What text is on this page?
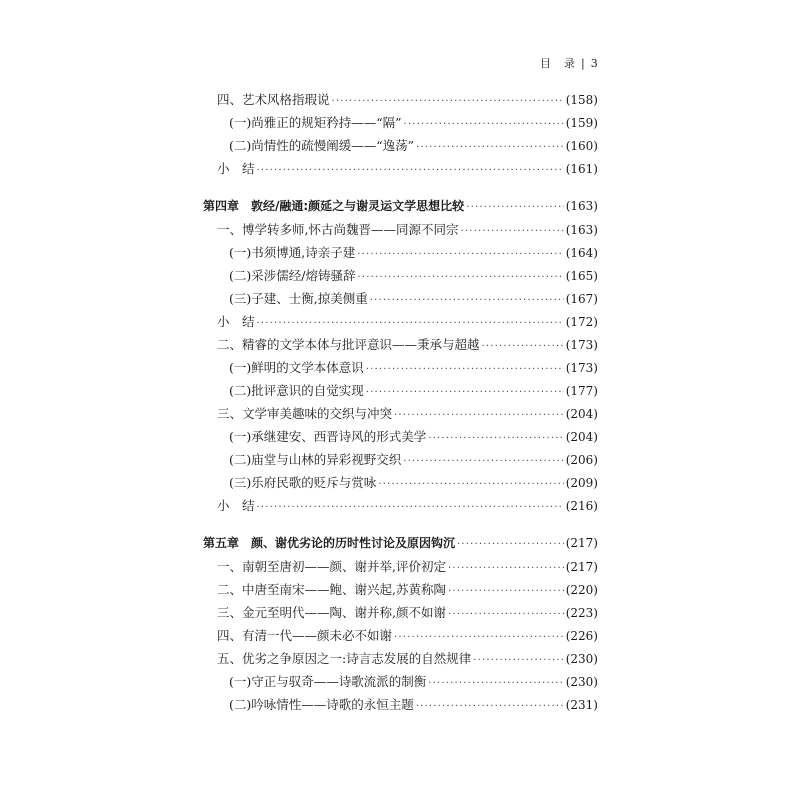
目　录 | 3
四、艺术风格指瑕说 ·····	(158)
(一)尚雅正的规矩矜持——“隔” ·····	(159)
(二)尚情性的疏慢阐缓——“逸荡” ·····	(160)
小　结 ·····	(161)
第四章　敦经/融通:颜延之与谢灵运文学思想比较 ·····	(163)
一、博学转多师,怀古尚魏晋——同源不同宗 ·····	(163)
(一)书须博通,诗亲子建 ·····	(164)
(二)采涉儒经/熔铸骚辞 ·····	(165)
(三)子建、士衡,掠美侧重 ·····	(167)
小　结 ·····	(172)
二、精睿的文学本体与批评意识——秉承与超越 ·····	(173)
(一)鲜明的文学本体意识 ·····	(173)
(二)批评意识的自觉实现 ·····	(177)
三、文学审美趣味的交织与冲突 ·····	(204)
(一)承继建安、西晋诗风的形式美学 ·····	(204)
(二)庙堂与山林的异彩视野交织 ·····	(206)
(三)乐府民歌的贬斥与赏咏 ·····	(209)
小　结 ·····	(216)
第五章　颜、谢优劣论的历时性讨论及原因钩沉 ·····	(217)
一、南朝至唐初——颜、谢并举,评价初定 ·····	(217)
二、中唐至南宋——鲍、谢兴起,苏黄称陶 ·····	(220)
三、金元至明代——陶、谢并称,颜不如谢 ·····	(223)
四、有清一代——颜未必不如谢 ·····	(226)
五、优劣之争原因之一:诗言志发展的自然规律 ·····	(230)
(一)守正与驭奇——诗歌流派的制衡 ·····	(230)
(二)吟咏情性——诗歌的永恒主题 ·····	(231)
